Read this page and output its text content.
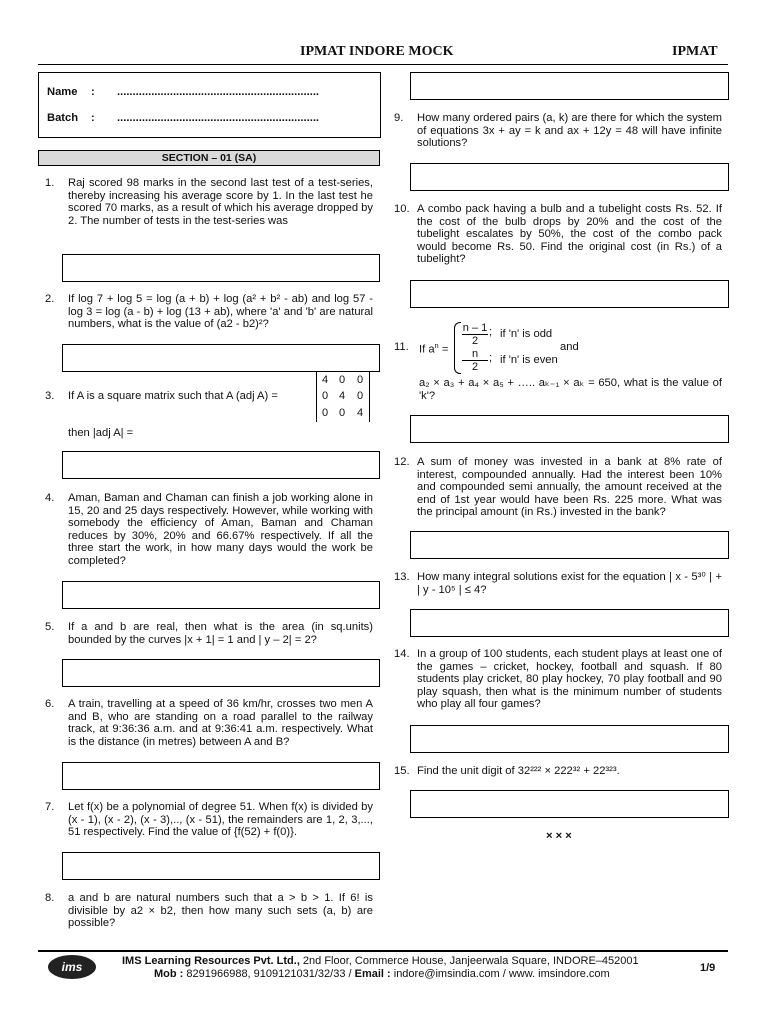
IPMAT INDORE MOCK	IPMAT
Name : .................................................................
Batch : .................................................................
SECTION – 01 (SA)
1.	Raj scored 98 marks in the second last test of a test-series, thereby increasing his average score by 1. In the last test he scored 70 marks, as a result of which his average dropped by 2. The number of tests in the test-series was
2.	If log 7 + log 5 = log (a + b) + log (a² + b² - ab) and log 57 - log 3 = log (a - b) + log (13 + ab), where 'a' and 'b' are natural numbers, what is the value of (a2 - b2)²?
3.	If A is a square matrix such that A (adj A) =
4 0 0
0 4 0
0 0 4
then |adj A| =
4.	Aman, Baman and Chaman can finish a job working alone in 15, 20 and 25 days respectively. However, while working with somebody the efficiency of Aman, Baman and Chaman reduces by 30%, 20% and 66.67% respectively. If all the three start the work, in how many days would the work be completed?
5.	If a and b are real, then what is the area (in sq.units) bounded by the curves |x + 1| = 1 and | y – 2| = 2?
6.	A train, travelling at a speed of 36 km/hr, crosses two men A and B, who are standing on a road parallel to the railway track, at 9:36:36 a.m. and at 9:36:41 a.m. respectively. What is the distance (in metres) between A and B?
7.	Let f(x) be a polynomial of degree 51. When f(x) is divided by (x - 1), (x - 2), (x - 3),.., (x - 51), the remainders are 1, 2, 3,..., 51 respectively. Find the value of {f(52) + f(0)}.
8.	a and b are natural numbers such that a > b > 1. If 6! is divisible by a2 × b2, then how many such sets (a, b) are possible?
9.	How many ordered pairs (a, k) are there for which the system of equations 3x + ay = k and ax + 12y = 48 will have infinite solutions?
10. A combo pack having a bulb and a tubelight costs Rs. 52. If the cost of the bulb drops by 20% and the cost of the tubelight escalates by 50%, the cost of the combo pack would become Rs. 50. Find the original cost (in Rs.) of a tubelight?
11. If $a^n$ =
n – 1
2
; if 'n' is odd
n
2
; if 'n' is even
and
a₂ × a₃ + a₄ × a₅ + ….. aₖ₋₁ × aₖ = 650, what is the value of 'k'?
12. A sum of money was invested in a bank at 8% rate of interest, compounded annually. Had the interest been 10% and compounded semi annually, the amount received at the end of 1st year would have been Rs. 225 more. What was the principal amount (in Rs.) invested in the bank?
13. How many integral solutions exist for the equation | x - 5³⁰ | + | y - 10⁵ | ≤ 4?
14. In a group of 100 students, each student plays at least one of the games – cricket, hockey, football and squash. If 80 students play cricket, 80 play hockey, 70 play football and 90 play squash, then what is the minimum number of students who play all four games?
15. Find the unit digit of 32²²² × 222³² + 22³²³.
× × ×
ims	IMS Learning Resources Pvt. Ltd., 2nd Floor, Commerce House, Janjeerwala Square, INDORE–452001
Mob : 8291966988, 9109121031/32/33 / Email : indore@imsindia.com / www. imsindore.com	1/9
